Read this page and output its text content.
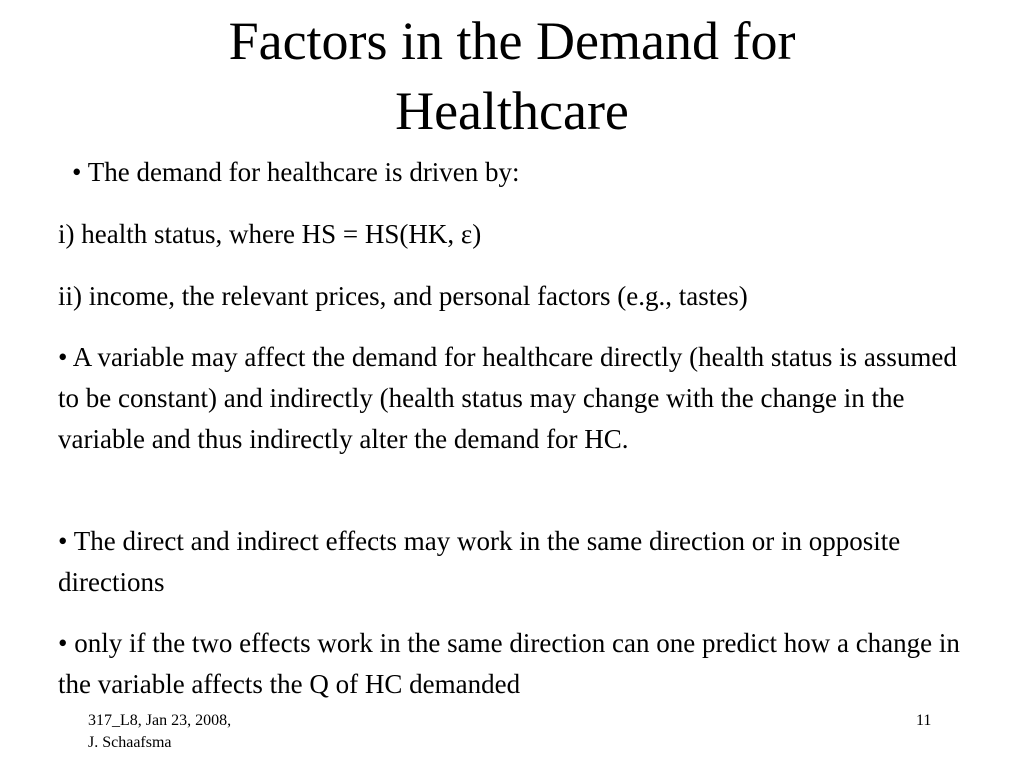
Factors in the Demand for
Healthcare

• The demand for healthcare is driven by:

i) health status, where HS = HS(HK, ε)

ii) income, the relevant prices, and personal factors (e.g., tastes)

• A variable may affect the demand for healthcare directly (health status is assumed to be constant) and indirectly (health status may change with the change in the variable and thus indirectly alter the demand for HC.

• The direct and indirect effects may work in the same direction or in opposite directions

• only if the two effects work in the same direction can one predict how a change in the variable affects the Q of HC demanded

317_L8, Jan 23, 2008,
J. Schaafsma
11
